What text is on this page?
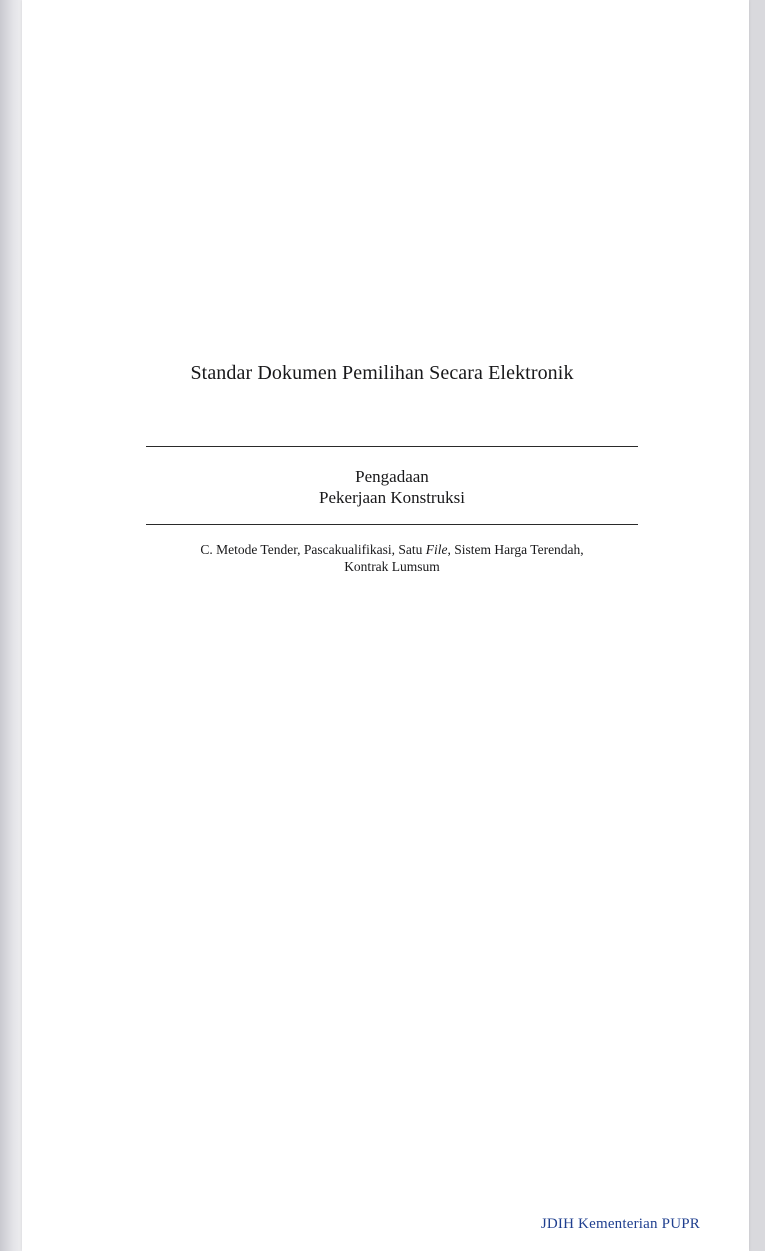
Standar Dokumen Pemilihan Secara Elektronik

Pengadaan

Pekerjaan Konstruksi

C. Metode Tender, Pascakualifikasi, Satu File, Sistem Harga Terendah,

Kontrak Lumsum

JDIH Kementerian PUPR
